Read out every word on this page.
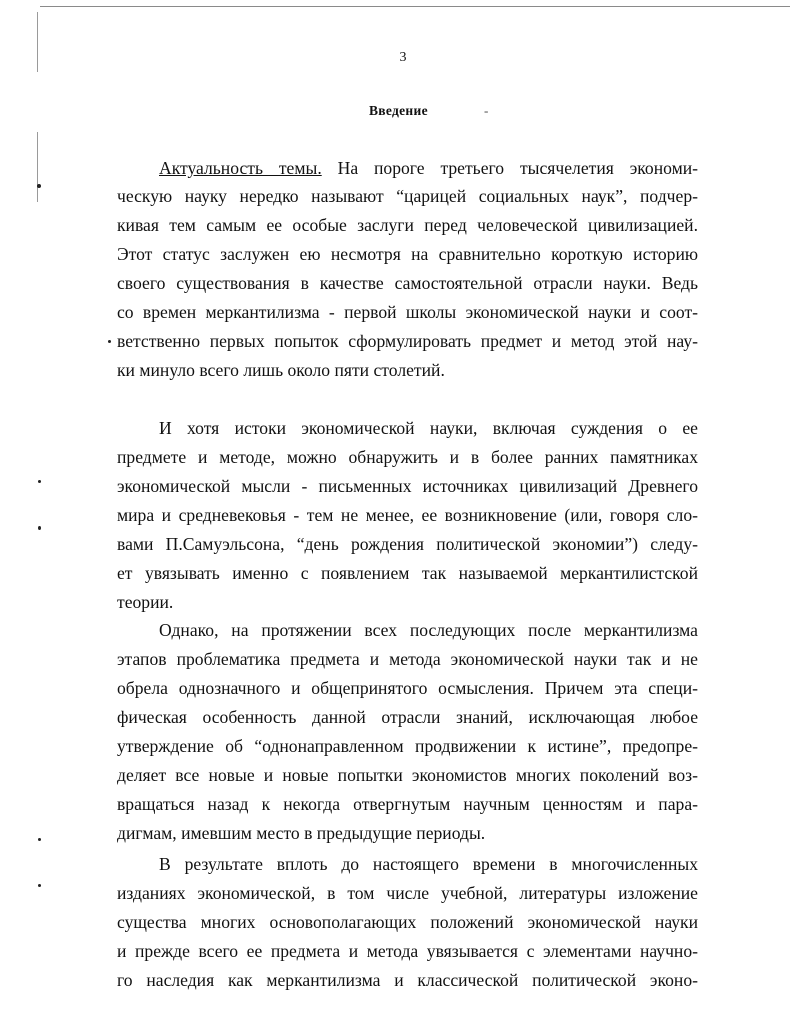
3
Введение	-
Актуальность темы. На пороге третьего тысячелетия экономи-
ческую науку нередко называют “царицей социальных наук”, подчер-
кивая тем самым ее особые заслуги перед человеческой цивилизацией.
Этот статус заслужен ею несмотря на сравнительно короткую историю
своего существования в качестве самостоятельной отрасли науки. Ведь
со времен меркантилизма - первой школы экономической науки и соот-
ветственно первых попыток сформулировать предмет и метод этой нау-
ки минуло всего лишь около пяти столетий.
И хотя истоки экономической науки, включая суждения о ее
предмете и методе, можно обнаружить и в более ранних памятниках
экономической мысли - письменных источниках цивилизаций Древнего
мира и средневековья - тем не менее, ее возникновение (или, говоря сло-
вами П.Самуэльсона, “день рождения политической экономии”) следу-
ет увязывать именно с появлением так называемой меркантилистской
теории.
Однако, на протяжении всех последующих после меркантилизма
этапов проблематика предмета и метода экономической науки так и не
обрела однозначного и общепринятого осмысления. Причем эта специ-
фическая особенность данной отрасли знаний, исключающая любое
утверждение об “однонаправленном продвижении к истине”, предопре-
деляет все новые и новые попытки экономистов многих поколений воз-
вращаться назад к некогда отвергнутым научным ценностям и пара-
дигмам, имевшим место в предыдущие периоды.
В результате вплоть до настоящего времени в многочисленных
изданиях экономической, в том числе учебной, литературы изложение
существа многих основополагающих положений экономической науки
и прежде всего ее предмета и метода увязывается с элементами научно-
го наследия как меркантилизма и классической политической эконо-
